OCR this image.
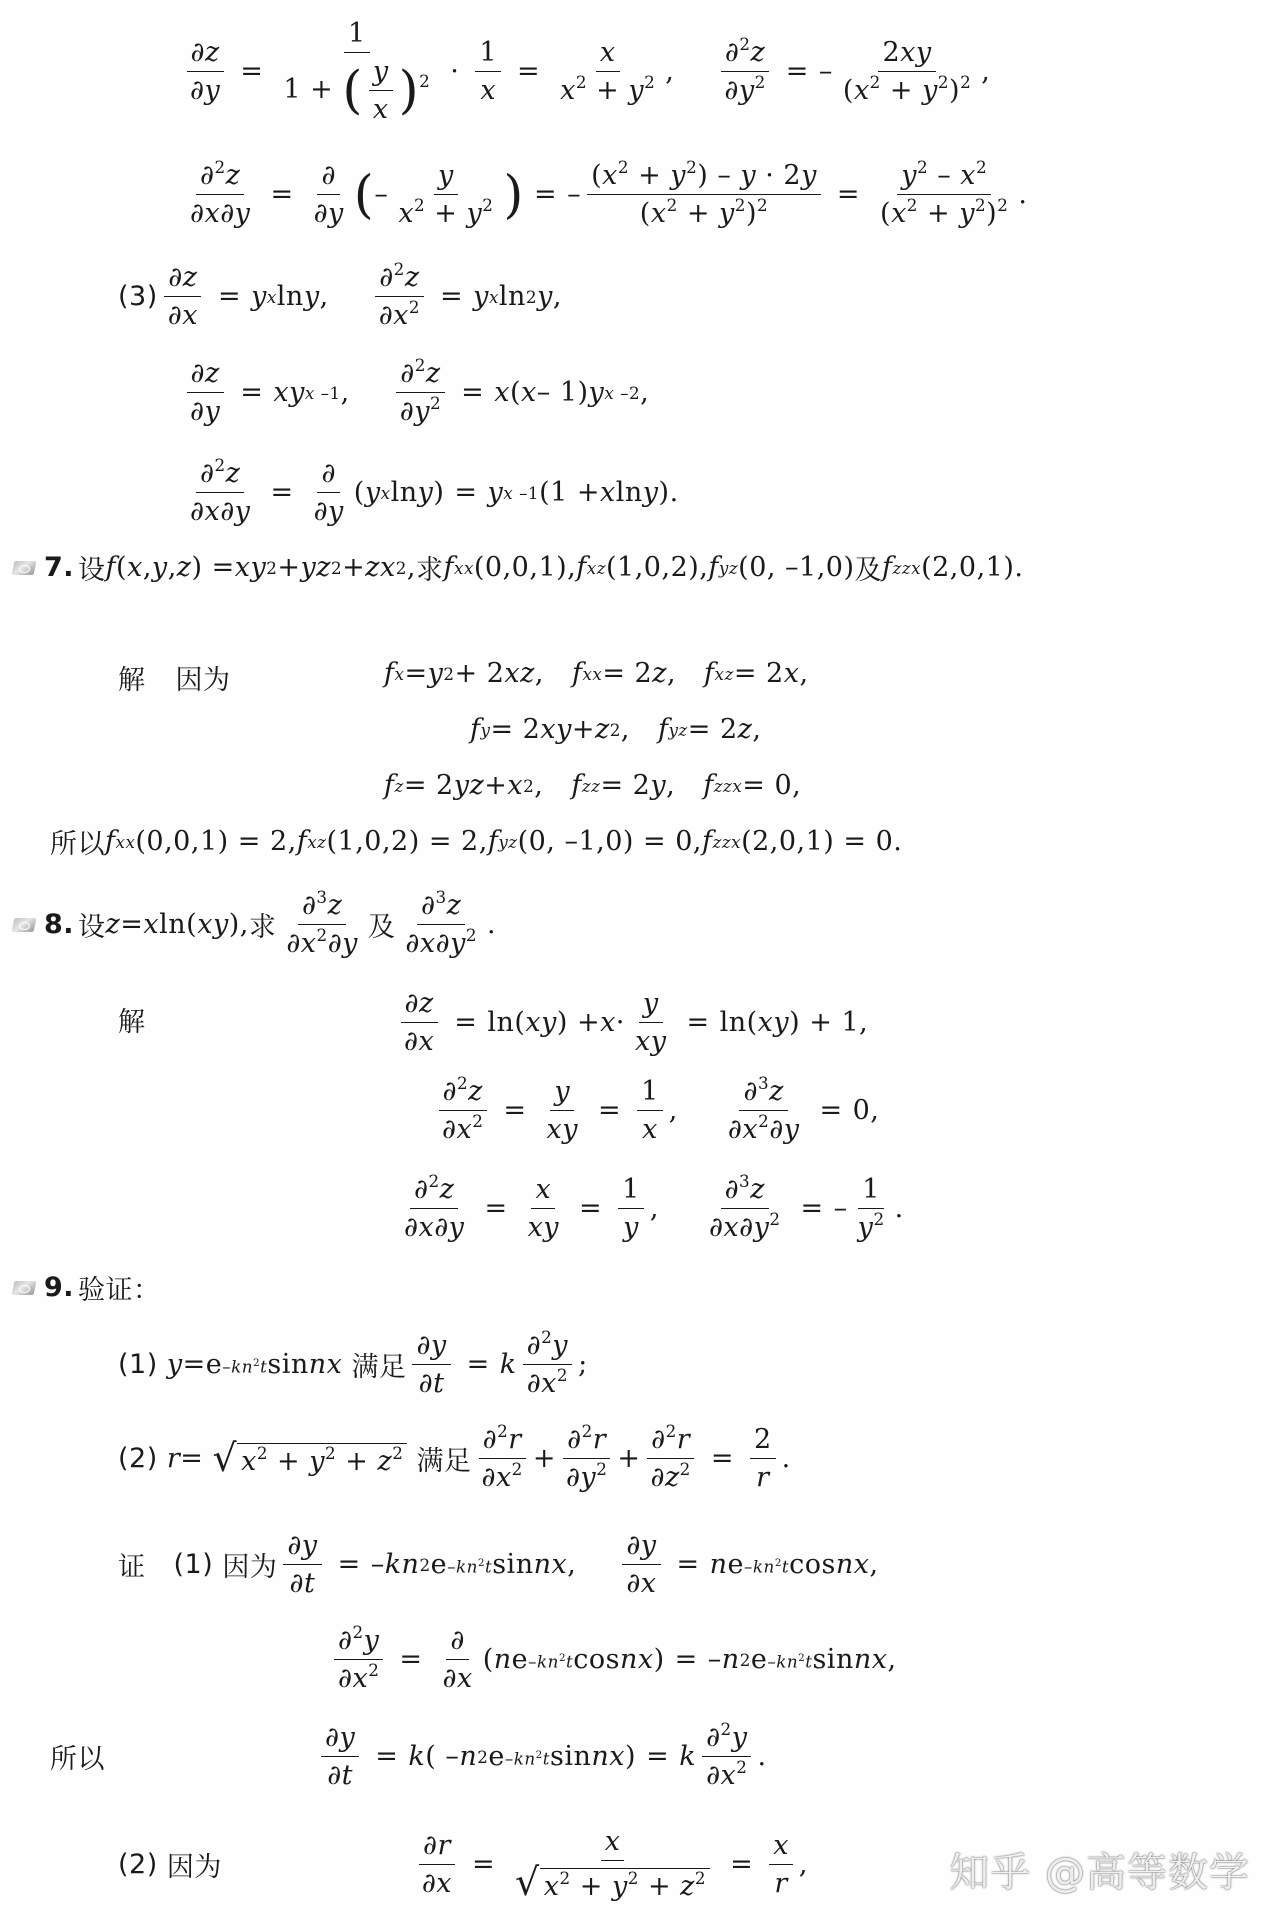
$\frac{\partial z}{\partial y} = \frac{1}{1 + ( \frac{y}{x} )^2} \cdot \frac{1}{x} = \frac{x}{x^2 + y^2}$ , $\frac{\partial^2z}{\partial y^2}$ = – $\frac{2xy}{(x^2 + y^2)^2}$ ,
$\frac{\partial^2z}{\partial x\partial y} = \frac{\partial}{\partial y}$ ( – $\frac{y}{x^2 + y^2}$ ) = – $\frac{(x^2 + y^2) - y \cdot 2y}{(x^2 + y^2)^2} = \frac{y^2 - x^2}{(x^2 + y^2)^2}$ .
$(3) \frac{\partial z}{\partial x} = y$ x ln y , $\frac{\partial^2z}{\partial x^2} = y$ x ln 2 y ,
$\frac{\partial z}{\partial y}$ = xy x –1 , $\frac{\partial^2z}{\partial y^2} = x$ ( x – 1) y x –2 ,
$\frac{\partial^2z}{\partial x\partial y} = \frac{\partial}{\partial y}$ ( y x ln y ) = y x –1 (1 + x ln y ).
7. 设 f ( x , y , z ) = xy 2 + yz 2 + zx 2 , 求 f xx (0,0,1), f xz (1,0,2), f yz (0, –1,0) 及 f zzx (2,0,1).
解 因为	f x = y 2 + 2 xz , f xx = 2 z , f xz = 2 x ,
f y = 2 xy + z 2 , f yz = 2 z ,
f z = 2 yz + x 2 , f zz = 2 y , f zzx = 0,
所以 f xx (0,0,1) = 2, f xz (1,0,2) = 2, f yz (0, –1,0) = 0, f zzx (2,0,1) = 0.
8. 设 z = x ln ( xy ), 求 $\frac{\partial^3z}{\partial x^2\partial y}$ 及 $\frac{\partial^3z}{\partial x\partial y^2}$ .
解	$\frac{\partial z}{\partial x} = \ln$ ( xy ) + $x \cdot \frac{y}{xy} = \ln$ ( xy ) + 1,
$\frac{\partial^2z}{\partial x^2} = \frac{y}{xy} = \frac{1}{x}$ , $\frac{\partial^3z}{\partial x^2\partial y} = 0$,
$\frac{\partial^2z}{\partial x\partial y} = \frac{x}{xy} = \frac{1}{y}$ , $\frac{\partial^3z}{\partial x\partial y^2}$ = – $\frac{1}{y^2}$ .
9. 验证：
(1)
y = e $-kn^2t$ sin nx
满足 $\frac{\partial y}{\partial t} = k \frac{\partial^2y}{\partial x^2}$ ;
(2)
r = √ $x^2 + y^2 + z^2$
满足 $\frac{\partial^2r}{\partial x^2} + \frac{\partial^2r}{\partial y^2} + \frac{\partial^2r}{\partial z^2} = \frac{2}{r}$ .
证 (1)
因为 $\frac{\partial y}{\partial t}$ = – kn 2 e $-kn^2t$ sin nx , $\frac{\partial y}{\partial x} = n$ e $-kn^2t$ cos nx ,
$\frac{\partial^2y}{\partial x^2} = \frac{\partial}{\partial x}$ ( n e $-kn^2t$ cos nx ) = – n 2 e $-kn^2t$ sin nx ,
所以	$\frac{\partial y}{\partial t} = k$ ( – n 2 e $-kn^2t$ sin nx ) = k $\frac{\partial^2y}{\partial x^2}$ .
(2)
因为	$\frac{\partial r}{\partial x} = \frac{x}{√ x^2 + y^2 + z^2} = \frac{x}{r}$ ,	知乎 @高等数学
